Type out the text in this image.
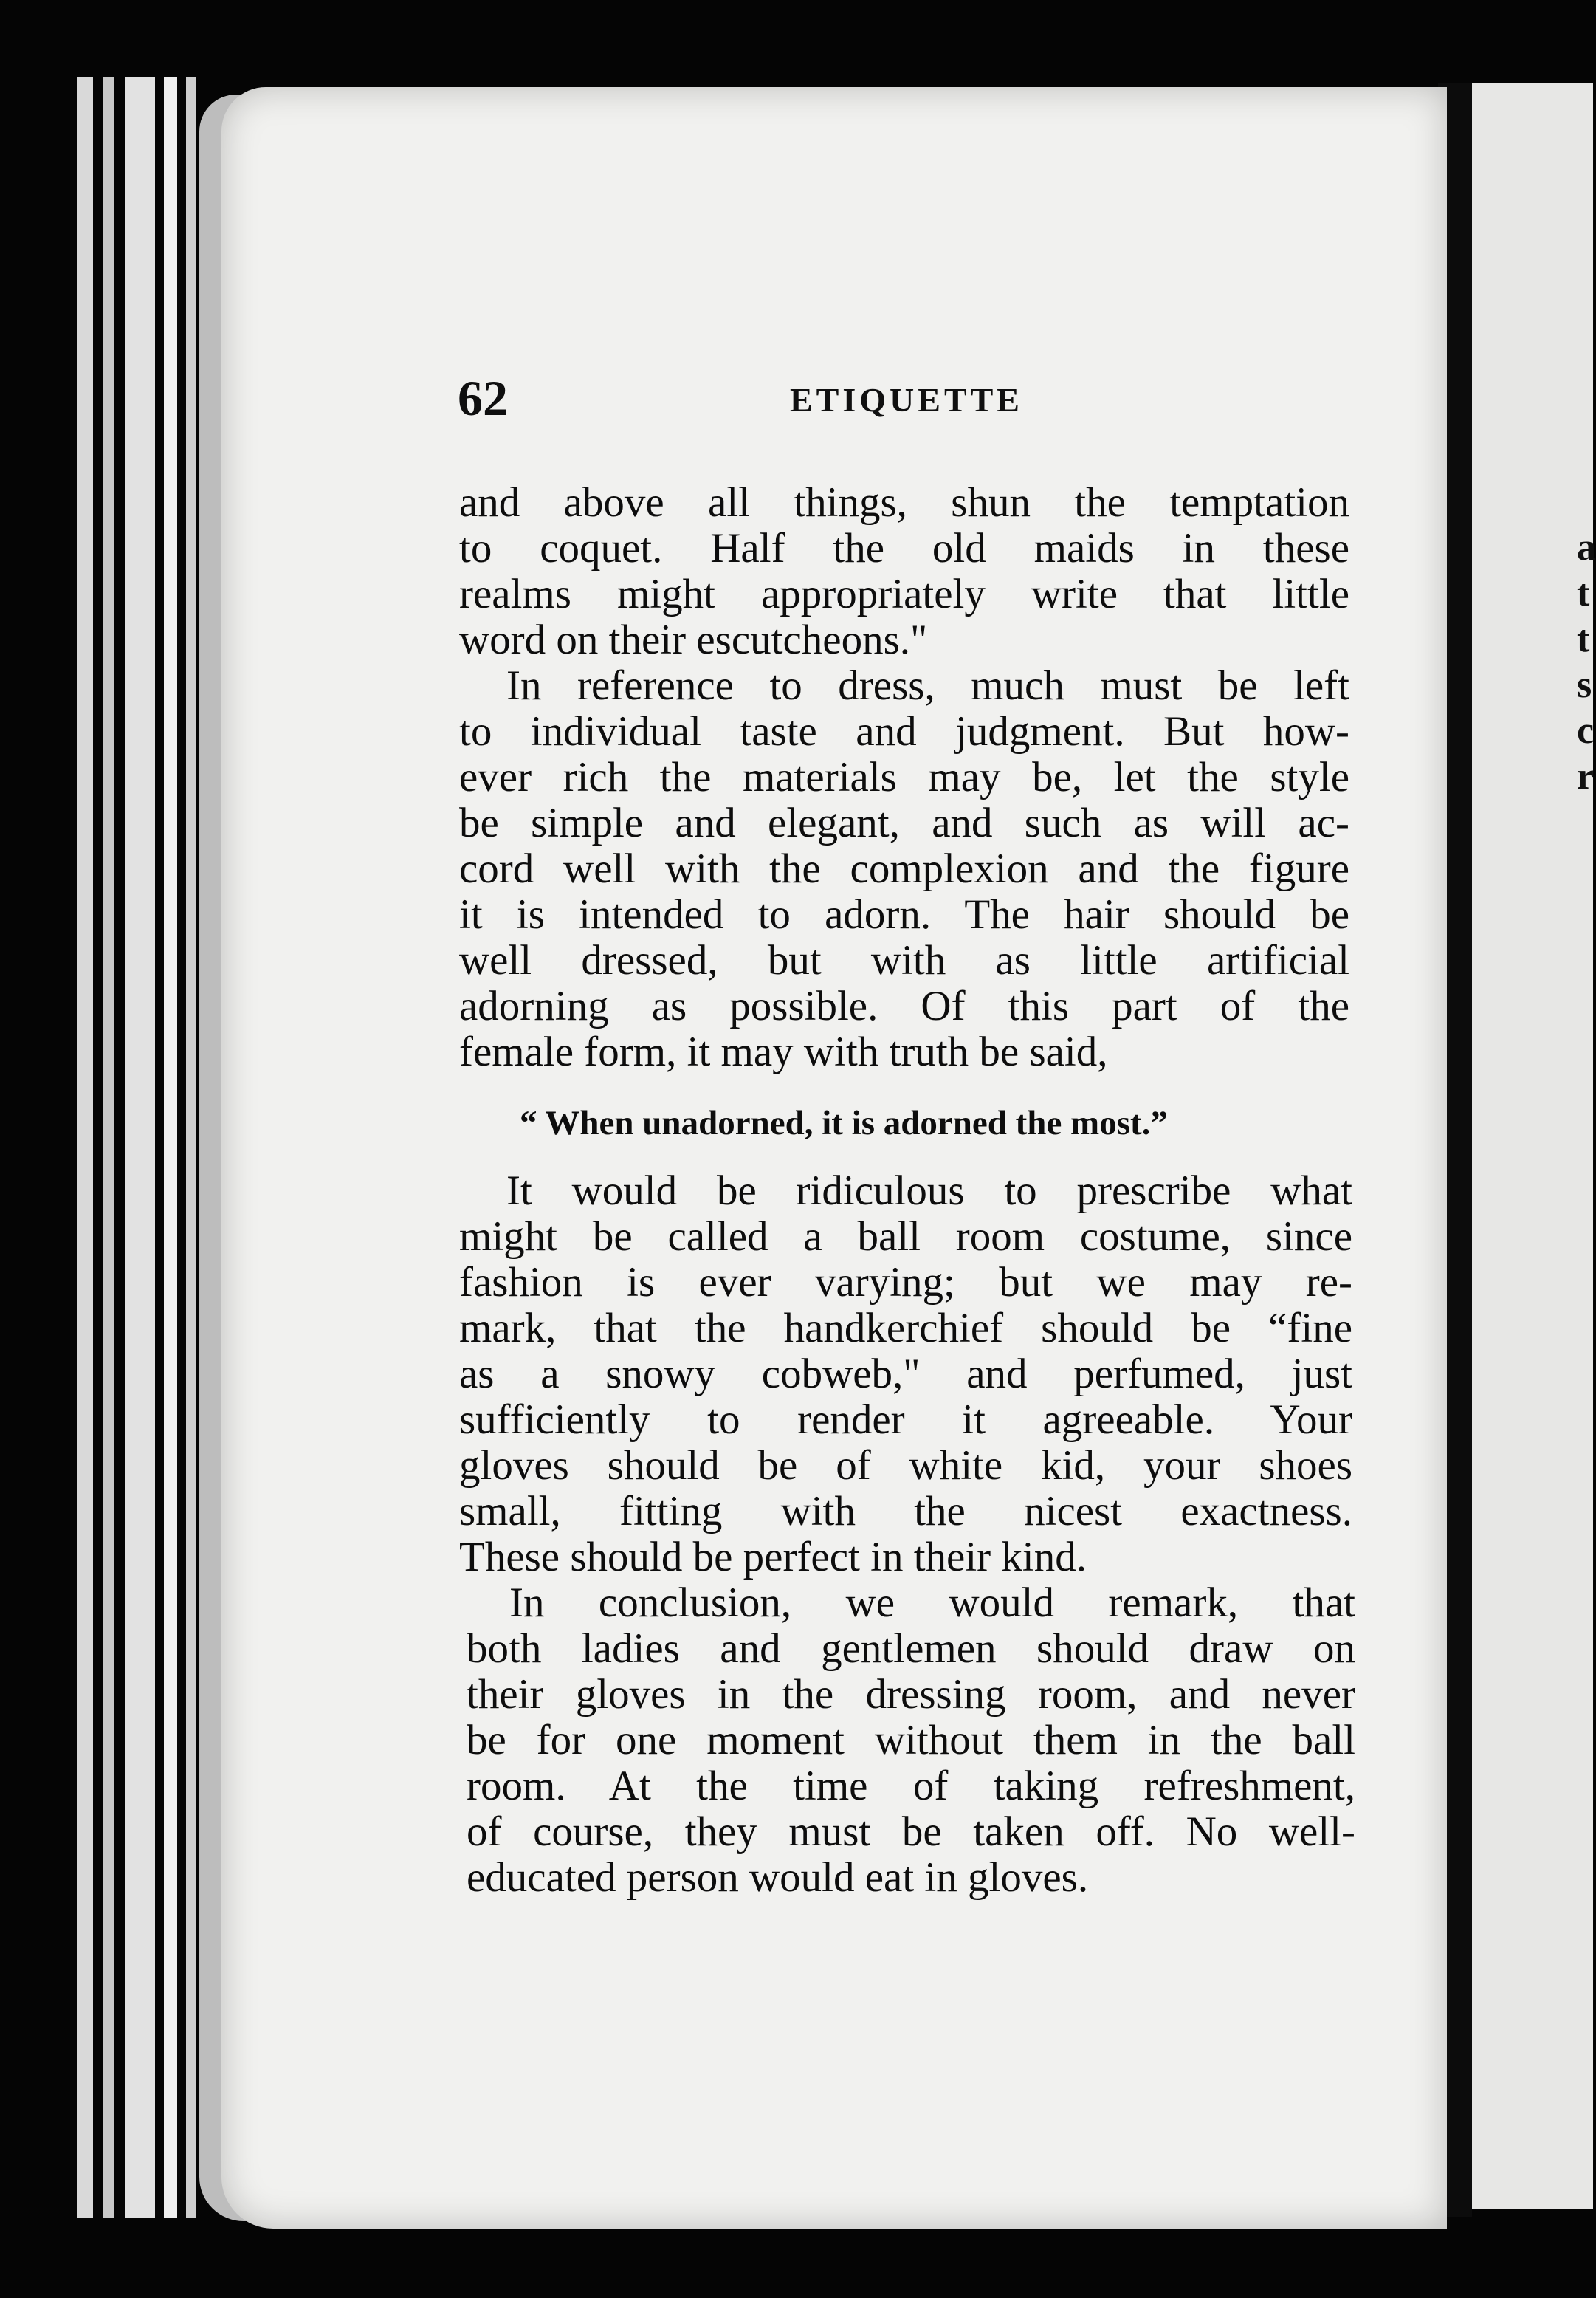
a
t
t
s
c
r
62	ETIQUETTE
and above all things, shun the temptation
to coquet. Half the old maids in these
realms might appropriately write that little
word on their escutcheons."
In reference to dress, much must be left
to individual taste and judgment. But how-
ever rich the materials may be, let the style
be simple and elegant, and such as will ac-
cord well with the complexion and the figure
it is intended to adorn. The hair should be
well dressed, but with as little artificial
adorning as possible. Of this part of the
female form, it may with truth be said,
“ When unadorned, it is adorned the most.”
It would be ridiculous to prescribe what
might be called a ball room costume, since
fashion is ever varying; but we may re-
mark, that the handkerchief should be “fine
as a snowy cobweb," and perfumed, just
sufficiently to render it agreeable. Your
gloves should be of white kid, your shoes
small, fitting with the nicest exactness.
These should be perfect in their kind.
In conclusion, we would remark, that
both ladies and gentlemen should draw on
their gloves in the dressing room, and never
be for one moment without them in the ball
room. At the time of taking refreshment,
of course, they must be taken off. No well-
educated person would eat in gloves.
